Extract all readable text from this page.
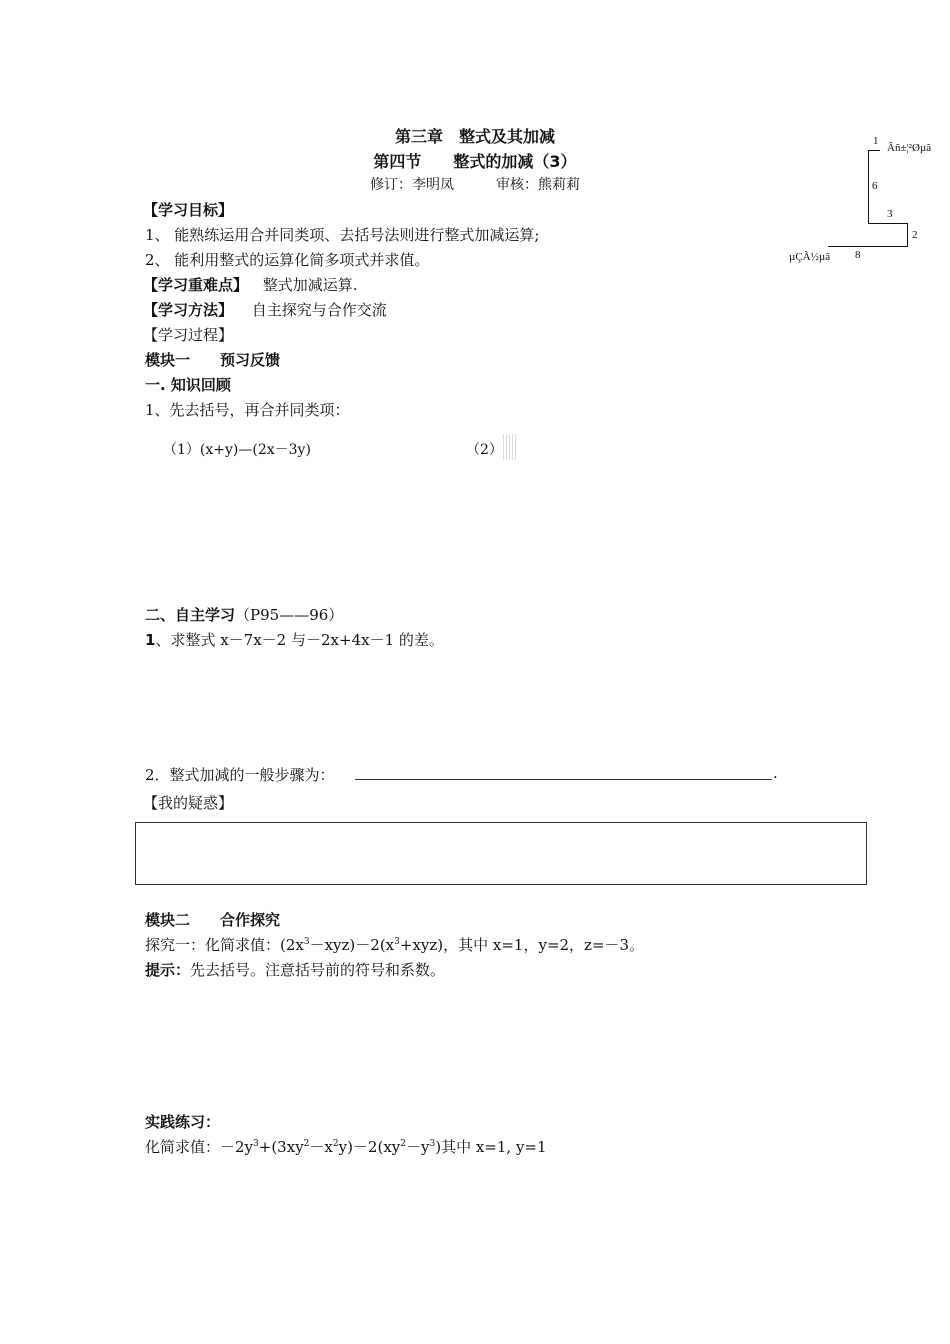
第三章　整式及其加减
第四节　　整式的加减（3）
修订：李明凤　　　审核：熊莉莉
1
Âñ±¦²Øµã
6
3
2
µÇÃ½µã 8
【学习目标】
1、 能熟练运用合并同类项、去括号法则进行整式加减运算;
2、 能利用整式的运算化简多项式并求值。
【学习重难点】 整式加减运算.
【学习方法】 自主探究与合作交流
【学习过程】
模块一　　预习反馈
一. 知识回顾
1、先去括号，再合并同类项：
（1）(x+y)—(2x－3y)	（2）
二、自主学习（P95——96）
1、求整式 x－7x－2 与－2x+4x－1 的差。
2．整式加减的一般步骤为：	.
【我的疑惑】
模块二　　合作探究
探究一：化简求值：$(2x^3-xyz)-2(x^3+xyz)$，其中 x=1，y=2，z=－3。
提示：先去括号。注意括号前的符号和系数。
实践练习：
化简求值：$-2y^3+(3xy^2-x^2y)-2(xy^2-y^3)$其中 x=1, y=1
